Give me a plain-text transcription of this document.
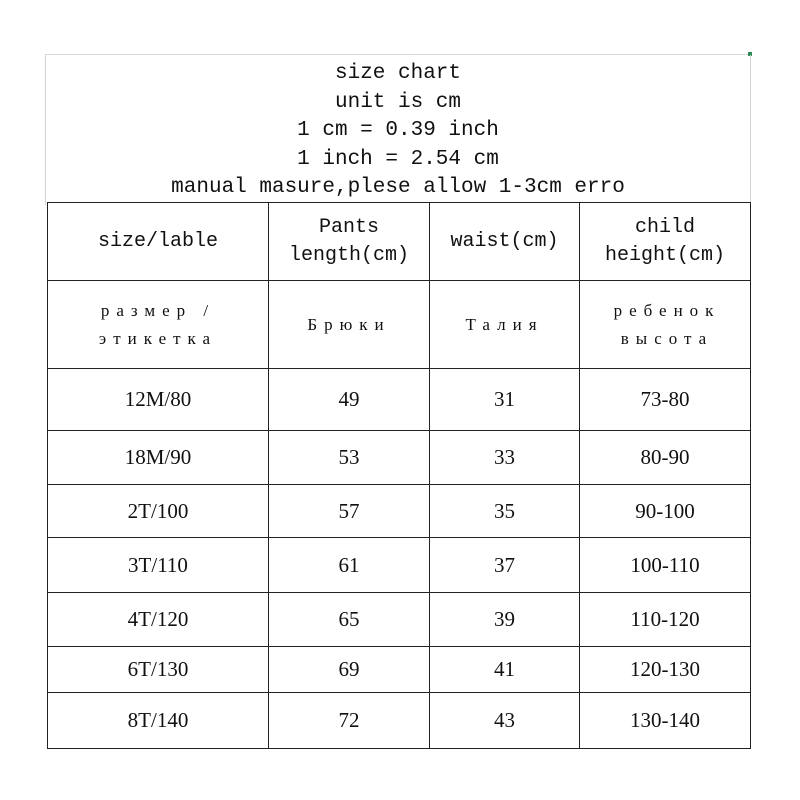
size chart
unit is cm
1 cm = 0.39 inch
1 inch = 2.54 cm
manual masure,plese allow 1-3cm erro
size/lable	Pants length(cm)	waist(cm)	child height(cm)
размер / этикетка	Брюки	Талия	ребенок высота
12M/80	49	31	73-80
18M/90	53	33	80-90
2T/100	57	35	90-100
3T/110	61	37	100-110
4T/120	65	39	110-120
6T/130	69	41	120-130
8T/140	72	43	130-140
